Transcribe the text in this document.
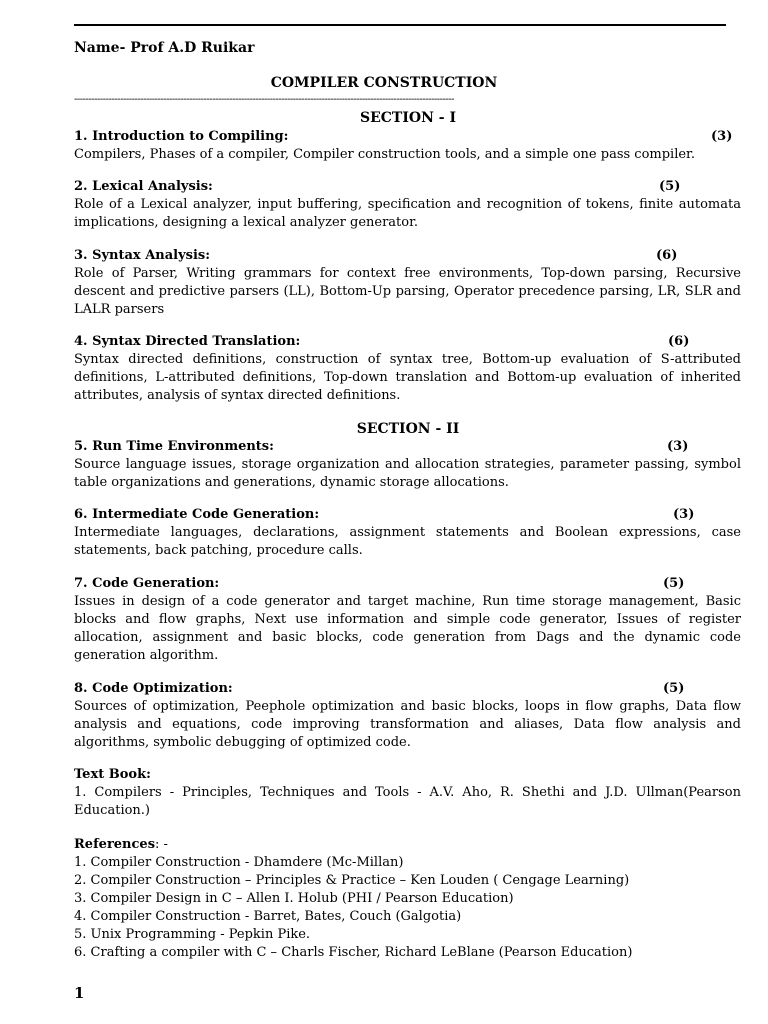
Name- Prof A.D Ruikar
COMPILER CONSTRUCTION
------------------------------------------------------------------------------------------------------------------------------------
SECTION - I
1. Introduction to Compiling:	(3)

Compilers, Phases of a compiler, Compiler construction tools, and a simple one pass compiler.

2. Lexical Analysis:	(5)

Role of a Lexical analyzer, input buffering, specification and recognition of tokens, finite automata implications, designing a lexical analyzer generator.

3. Syntax Analysis:	(6)

Role of Parser, Writing grammars for context free environments, Top-down parsing, Recursive descent and predictive parsers (LL), Bottom-Up parsing, Operator precedence parsing, LR, SLR and LALR parsers

4. Syntax Directed Translation:	(6)

Syntax directed definitions, construction of syntax tree, Bottom-up evaluation of S-attributed definitions, L-attributed definitions, Top-down translation and Bottom-up evaluation of inherited attributes, analysis of syntax directed definitions.

SECTION - II
5. Run Time Environments:	(3)

Source language issues, storage organization and allocation strategies, parameter passing, symbol table organizations and generations, dynamic storage allocations.

6. Intermediate Code Generation:	(3)

Intermediate languages, declarations, assignment statements and Boolean expressions, case statements, back patching, procedure calls.

7. Code Generation:	(5)

Issues in design of a code generator and target machine, Run time storage management, Basic blocks and flow graphs, Next use information and simple code generator, Issues of register allocation, assignment and basic blocks, code generation from Dags and the dynamic code generation algorithm.

8. Code Optimization:	(5)

Sources of optimization, Peephole optimization and basic blocks, loops in flow graphs, Data flow analysis and equations, code improving transformation and aliases, Data flow analysis and algorithms, symbolic debugging of optimized code.

Text Book:

1. Compilers - Principles, Techniques and Tools - A.V. Aho, R. Shethi and J.D. Ullman(Pearson Education.)

References: -

1. Compiler Construction - Dhamdere (Mc-Millan)

2. Compiler Construction – Principles & Practice – Ken Louden ( Cengage Learning)

3. Compiler Design in C – Allen I. Holub (PHI / Pearson Education)

4. Compiler Construction - Barret, Bates, Couch (Galgotia)

5. Unix Programming - Pepkin Pike.

6. Crafting a compiler with C – Charls Fischer, Richard LeBlane (Pearson Education)

1
